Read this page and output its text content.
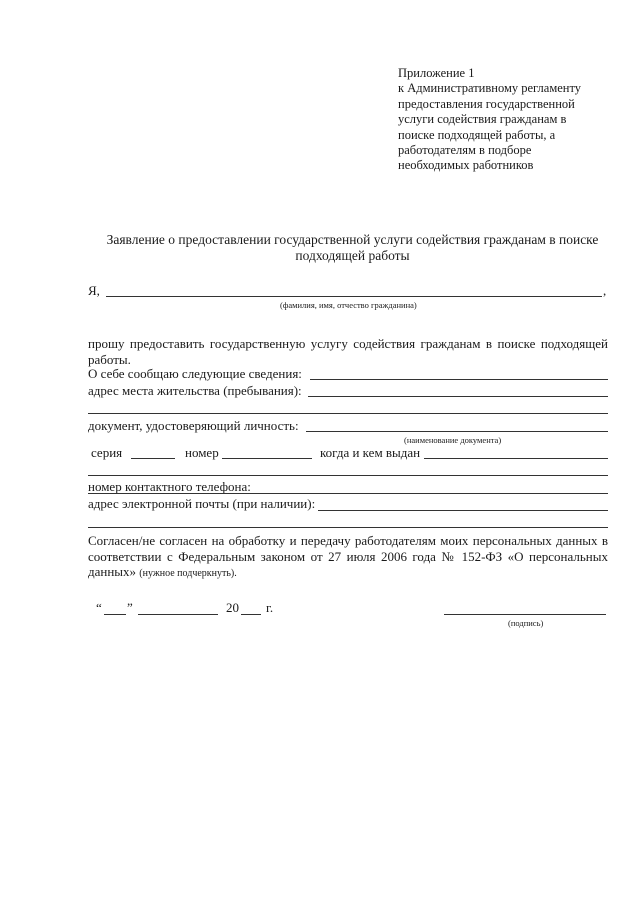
Приложение 1
к Административному регламенту
предоставления государственной
услуги содействия гражданам в
поиске подходящей работы, а
работодателям в подборе
необходимых работников
Заявление о предоставлении государственной услуги содействия гражданам в поиске
подходящей работы
Я,	,
(фамилия, имя, отчество гражданина)
прошу предоставить государственную услугу содействия гражданам в поиске подходящей работы.
О себе сообщаю следующие сведения:
адрес места жительства (пребывания):
документ, удостоверяющий личность:
(наименование документа)
серия	номер	когда и кем выдан
номер контактного телефона:
адрес электронной почты (при наличии):
Согласен/не согласен на обработку и передачу работодателям моих персональных данных в соответствии с Федеральным законом от 27 июля 2006 года № 152-ФЗ «О персональных данных» (нужное подчеркнуть).
“ ”	20 г.
(подпись)
